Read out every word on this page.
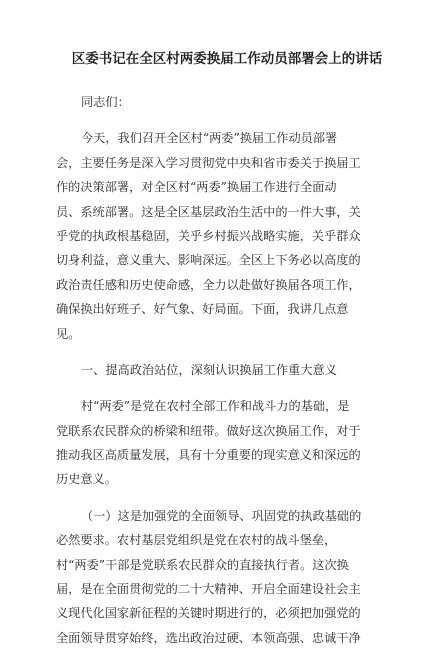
区委书记在全区村两委换届工作动员部署会上的讲话
同志们：
今天，我们召开全区村“两委”换届工作动员部署
会，主要任务是深入学习贯彻党中央和省市委关于换届工
作的决策部署，对全区村“两委”换届工作进行全面动
员、系统部署。这是全区基层政治生活中的一件大事，关
乎党的执政根基稳固，关乎乡村振兴战略实施，关乎群众
切身利益，意义重大、影响深远。全区上下务必以高度的
政治责任感和历史使命感，全力以赴做好换届各项工作，
确保换出好班子、好气象、好局面。下面，我讲几点意
见。
一、提高政治站位，深刻认识换届工作重大意义
村“两委”是党在农村全部工作和战斗力的基础，是
党联系农民群众的桥梁和纽带。做好这次换届工作，对于
推动我区高质量发展，具有十分重要的现实意义和深远的
历史意义。
（一）这是加强党的全面领导、巩固党的执政基础的
必然要求。农村基层党组织是党在农村的战斗堡垒，
村“两委”干部是党联系农民群众的直接执行者。这次换
届，是在全面贯彻党的二十大精神、开启全面建设社会主
义现代化国家新征程的关键时期进行的，必须把加强党的
全面领导贯穿始终，选出政治过硬、本领高强、忠诚干净
